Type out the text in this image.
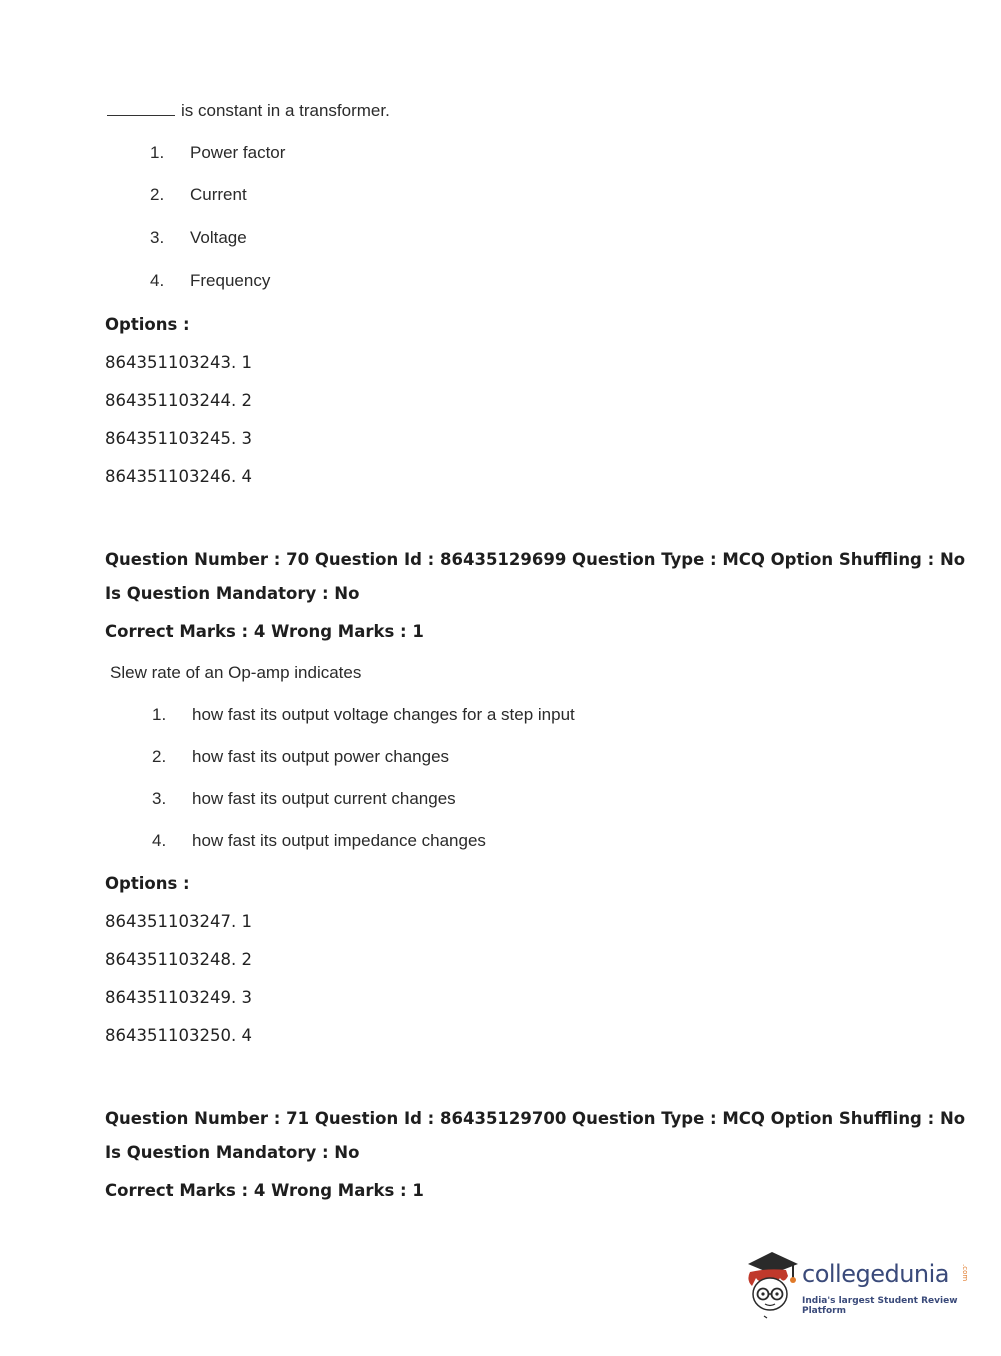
is constant in a transformer.
1. Power factor
2. Current
3. Voltage
4. Frequency
Options :
864351103243. 1
864351103244. 2
864351103245. 3
864351103246. 4
Question Number : 70 Question Id : 86435129699 Question Type : MCQ Option Shuffling : No
Is Question Mandatory : No
Correct Marks : 4 Wrong Marks : 1
Slew rate of an Op-amp indicates
1. how fast its output voltage changes for a step input
2. how fast its output power changes
3. how fast its output current changes
4. how fast its output impedance changes
Options :
864351103247. 1
864351103248. 2
864351103249. 3
864351103250. 4
Question Number : 71 Question Id : 86435129700 Question Type : MCQ Option Shuffling : No
Is Question Mandatory : No
Correct Marks : 4 Wrong Marks : 1
collegedunia .com
India's largest Student Review Platform
